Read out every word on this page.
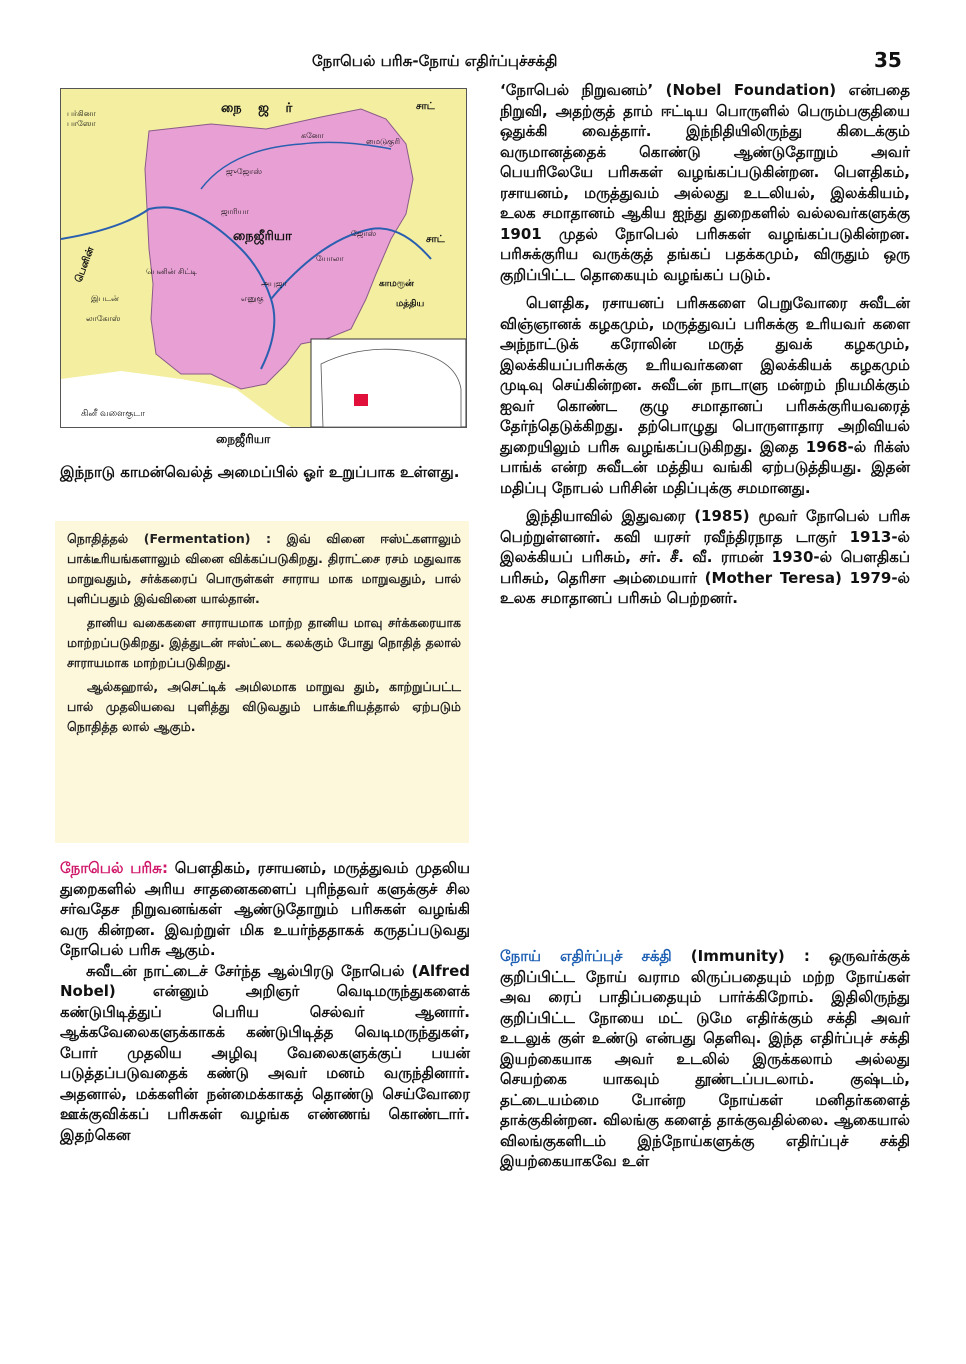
நோபெல் பரிசு-நோய் எதிர்ப்புச்சக்தி	35
நை ஜ ர்	சாட்
பர்கினா பாஸோ
நைஜீரியா
பெனின்
சாட்
காமரூன்
மத்திய
கினீ வளைகுடா
கனோ
ஜுஜோஸ்
ஜாரியா
இபடன்
லாகோஸ்
பெனின் சிட்டி
எனுகு
அபுஜா
ஜோஸ்
யோலா
மைடுகுரி
நைஜீரியா

இந்நாடு காமன்வெல்த் அமைப்பில் ஓர் உறுப்பாக உள்ளது.

நொதித்தல் (Fermentation) : இவ் வினை ஈஸ்ட்களாலும் பாக்டீரியங்களாலும் வினை விக்கப்படுகிறது. திராட்சை ரசம் மதுவாக மாறுவதும், சர்க்கரைப் பொருள்கள் சாராய மாக மாறுவதும், பால் புளிப்பதும் இவ்வினை யால்தான்.

தானிய வகைகளை சாராயமாக மாற்ற தானிய மாவு சர்க்கரையாக மாற்றப்படுகிறது. இத்துடன் ஈஸ்ட்டை கலக்கும் போது நொதித் தலால் சாராயமாக மாற்றப்படுகிறது.

ஆல்கஹால், அசெட்டிக் அமிலமாக மாறுவ தும், காற்றுப்பட்ட பால் முதலியவை புளித்து விடுவதும் பாக்டீரியத்தால் ஏற்படும் நொதித்த லால் ஆகும்.

நோபெல் பரிசு: பௌதிகம், ரசாயனம், மருத்துவம் முதலிய துறைகளில் அரிய சாதனைகளைப் புரிந்தவர் களுக்குச் சில சர்வதேச நிறுவனங்கள் ஆண்டுதோறும் பரிசுகள் வழங்கி வரு கின்றன. இவற்றுள் மிக உயர்ந்ததாகக் கருதப்படுவது நோபெல் பரிசு ஆகும்.

சுவீடன் நாட்டைச் சேர்ந்த ஆல்பிரடு நோபெல் (Alfred Nobel) என்னும் அறிஞர் வெடிமருந்துகளைக் கண்டுபிடித்துப் பெரிய செல்வர் ஆனார். ஆக்கவேலைகளுக்காகக் கண்டுபிடித்த வெடிமருந்துகள், போர் முதலிய அழிவு வேலைகளுக்குப் பயன் படுத்தப்படுவதைக் கண்டு அவர் மனம் வருந்தினார். அதனால், மக்களின் நன்மைக்காகத் தொண்டு செய்வோரை ஊக்குவிக்கப் பரிசுகள் வழங்க எண்ணங் கொண்டார். இதற்கென

‘நோபெல் நிறுவனம்’ (Nobel Foundation) என்பதை நிறுவி, அதற்குத் தாம் ஈட்டிய பொருளில் பெரும்பகுதியை ஒதுக்கி வைத்தார். இந்நிதியிலிருந்து கிடைக்கும் வருமானத்தைக் கொண்டு ஆண்டுதோறும் அவர் பெயரிலேயே பரிசுகள் வழங்கப்படுகின்றன. பௌதிகம், ரசாயனம், மருத்துவம் அல்லது உடலியல், இலக்கியம், உலக சமாதானம் ஆகிய ஐந்து துறைகளில் வல்லவர்களுக்கு 1901 முதல் நோபெல் பரிசுகள் வழங்கப்படுகின்றன. பரிசுக்குரிய வருக்குத் தங்கப் பதக்கமும், விருதும் ஒரு குறிப்பிட்ட தொகையும் வழங்கப் படும்.

பௌதிக, ரசாயனப் பரிசுகளை பெறுவோரை சுவீடன் விஞ்ஞானக் கழகமும், மருத்துவப் பரிசுக்கு உரியவர் களை அந்நாட்டுக் கரோலின் மருத் துவக் கழகமும், இலக்கியப்பரிசுக்கு உரியவர்களை இலக்கியக் கழகமும் முடிவு செய்கின்றன. சுவீடன் நாடாளு மன்றம் நியமிக்கும் ஐவர் கொண்ட குழு சமாதானப் பரிசுக்குரியவரைத் தேர்ந்தெடுக்கிறது. தற்பொழுது பொருளாதார அறிவியல் துறையிலும் பரிசு வழங்கப்படுகிறது. இதை 1968-ல் ரிக்ஸ் பாங்க் என்ற சுவீடன் மத்திய வங்கி ஏற்படுத்தியது. இதன் மதிப்பு நோபல் பரிசின் மதிப்புக்கு சமமானது.

இந்தியாவில் இதுவரை (1985) மூவர் நோபெல் பரிசு பெற்றுள்ளனர். கவி யரசர் ரவீந்திரநாத டாகுர் 1913-ல் இலக்கியப் பரிசும், சர். சீ. வீ. ராமன் 1930-ல் பௌதிகப் பரிசும், தெரிசா அம்மையார் (Mother Teresa) 1979-ல் உலக சமாதானப் பரிசும் பெற்றனர்.

நோய் எதிர்ப்புச் சக்தி (Immunity) : ஒருவர்க்குக் குறிப்பிட்ட நோய் வராம லிருப்பதையும் மற்ற நோய்கள் அவ ரைப் பாதிப்பதையும் பார்க்கிறோம். இதிலிருந்து குறிப்பிட்ட நோயை மட் டுமே எதிர்க்கும் சக்தி அவர் உடலுக் குள் உண்டு என்பது தெளிவு. இந்த எதிர்ப்புச் சக்தி இயற்கையாக அவர் உடலில் இருக்கலாம் அல்லது செயற்கை யாகவும் தூண்டப்படலாம். குஷ்டம், தட்டையம்மை போன்ற நோய்கள் மனிதர்களைத் தாக்குகின்றன. விலங்கு களைத் தாக்குவதில்லை. ஆகையால் விலங்குகளிடம் இந்நோய்களுக்கு எதிர்ப்புச் சக்தி இயற்கையாகவே உள்
